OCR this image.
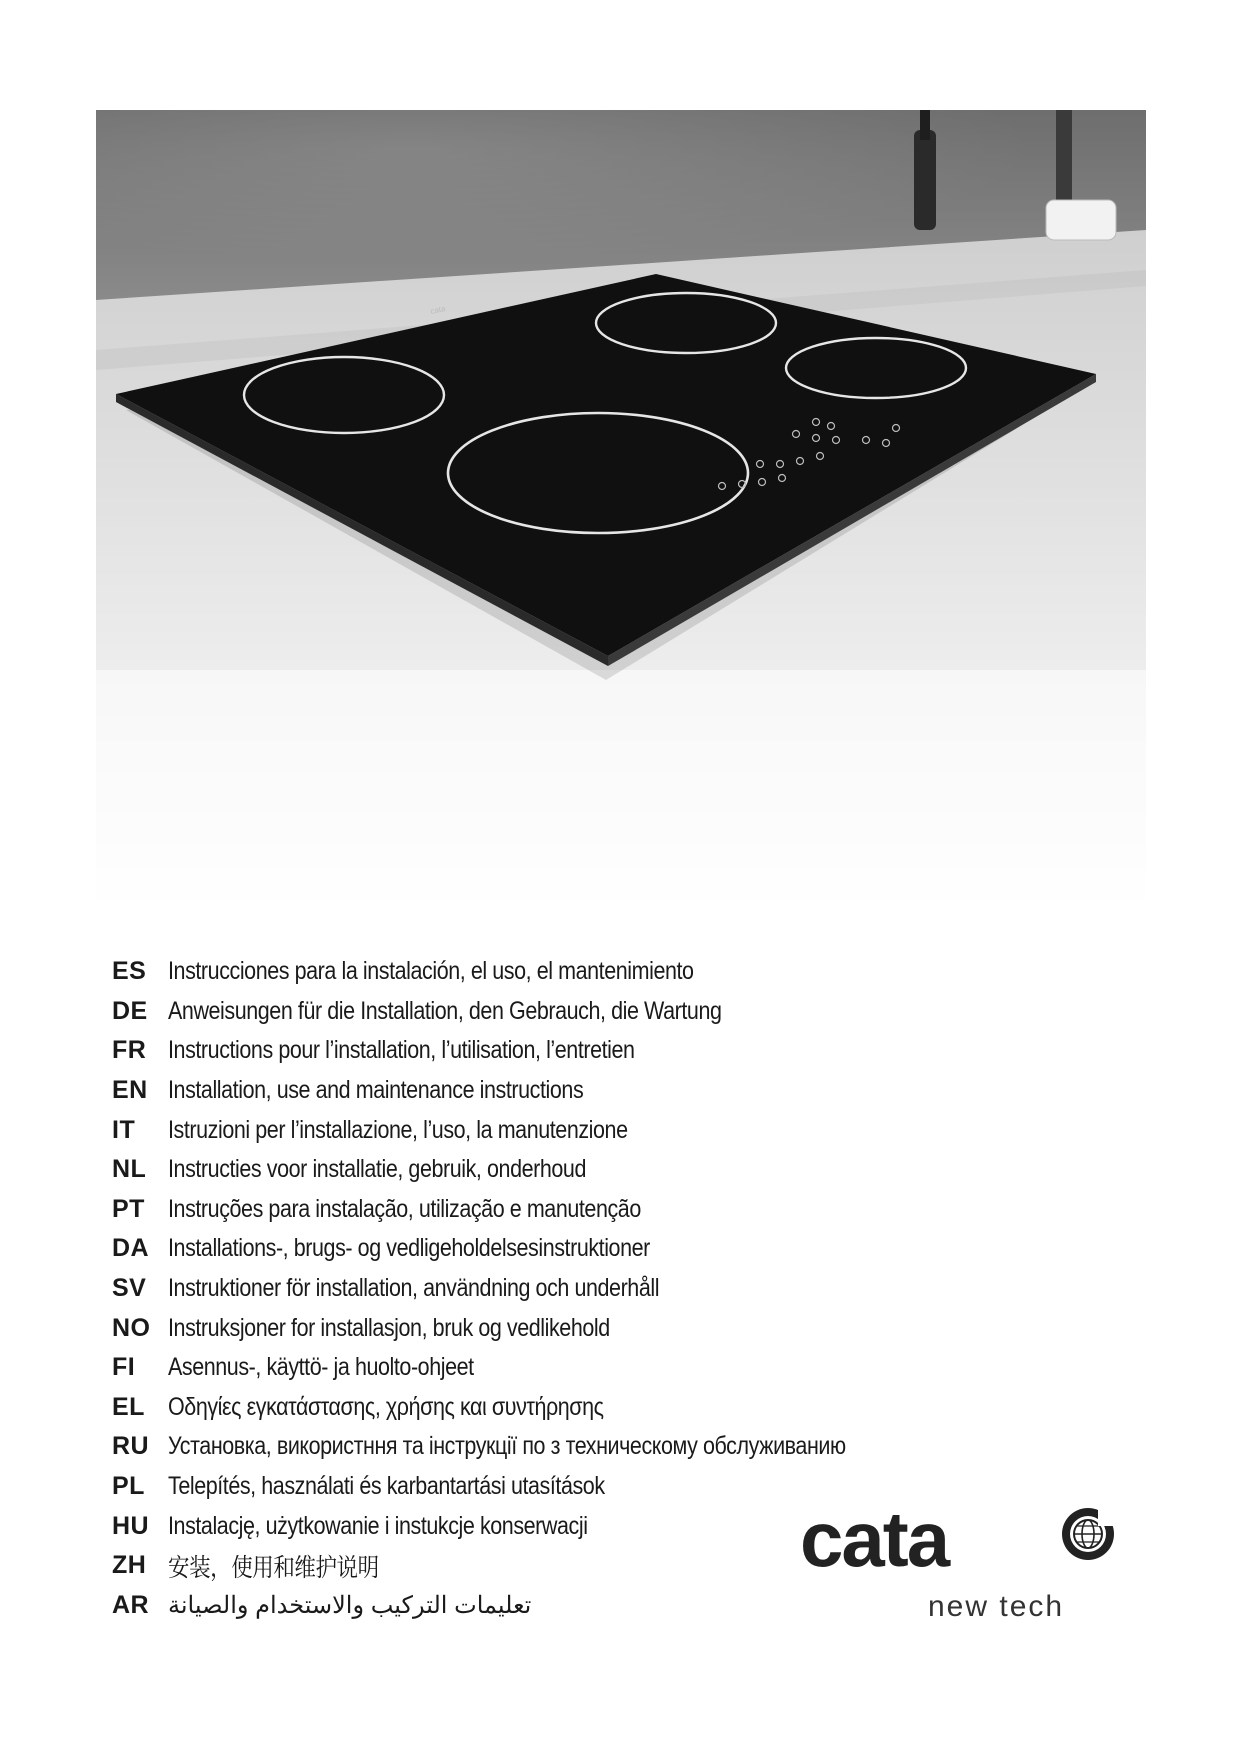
cata
ES Instrucciones para la instalación, el uso, el mantenimiento
DE Anweisungen für die Installation, den Gebrauch, die Wartung
FR Instructions pour l’installation, l’utilisation, l’entretien
EN Installation, use and maintenance instructions
IT	Istruzioni per l’installazione, l’uso, la manutenzione
NL Instructies voor installatie, gebruik, onderhoud
PT Instruções para instalação, utilização e manutenção
DA Installations-, brugs- og vedligeholdelsesinstruktioner
SV Instruktioner för installation, användning och underhåll
NO Instruksjoner for installasjon, bruk og vedlikehold
FI	Asennus-, käyttö- ja huolto-ohjeet
EL Οδηγίες εγκατάστασης, χρήσης και συντήρησης
RU Установка, використння та інструкції по з техническому обслуживанию
PL Telepítés, használati és karbantartási utasítások
HU Instalację, użytkowanie i instukcje konserwacji
ZH 安装，使用和维护说明
AR تعليمات التركيب والاستخدام والصيانة
cata
new tech
